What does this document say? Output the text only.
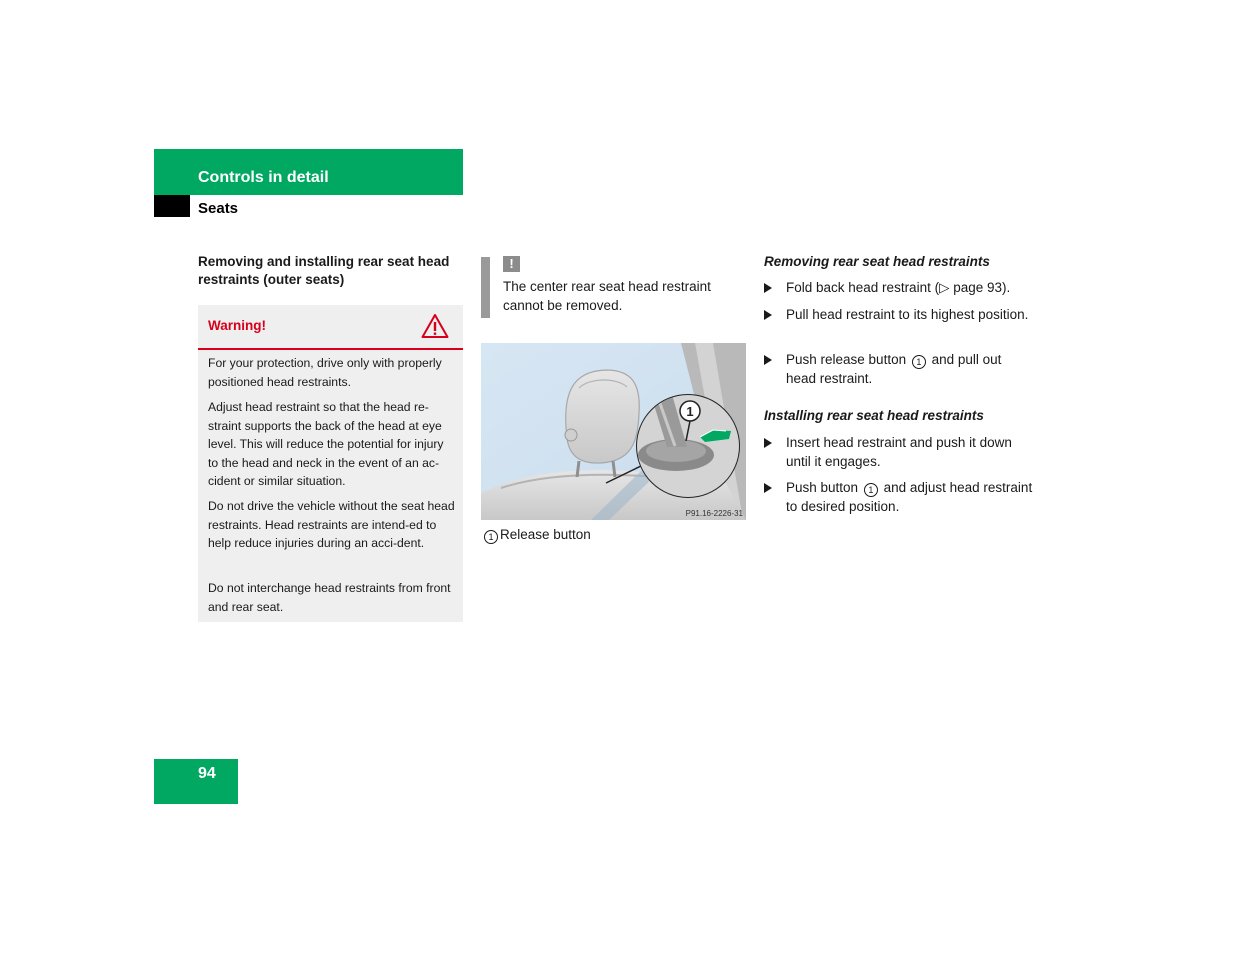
Controls in detail
Seats
Removing and installing rear seat head restraints (outer seats)
Warning!

For your protection, drive only with properly positioned head restraints.

Adjust head restraint so that the head re-straint supports the back of the head at eye level. This will reduce the potential for injury to the head and neck in the event of an ac-cident or similar situation.

Do not drive the vehicle without the seat head restraints. Head restraints are intend-ed to help reduce injuries during an acci-dent.

Do not interchange head restraints from front and rear seat.

!

The center rear seat head restraint cannot be removed.

1
P91.16-2226-31
1 Release button
Removing rear seat head restraints
Fold back head restraint (▷ page 93).
Pull head restraint to its highest position.
Push release button 1 and pull out head restraint.
Installing rear seat head restraints
Insert head restraint and push it down until it engages.
Push button 1 and adjust head restraint to desired position.
94
